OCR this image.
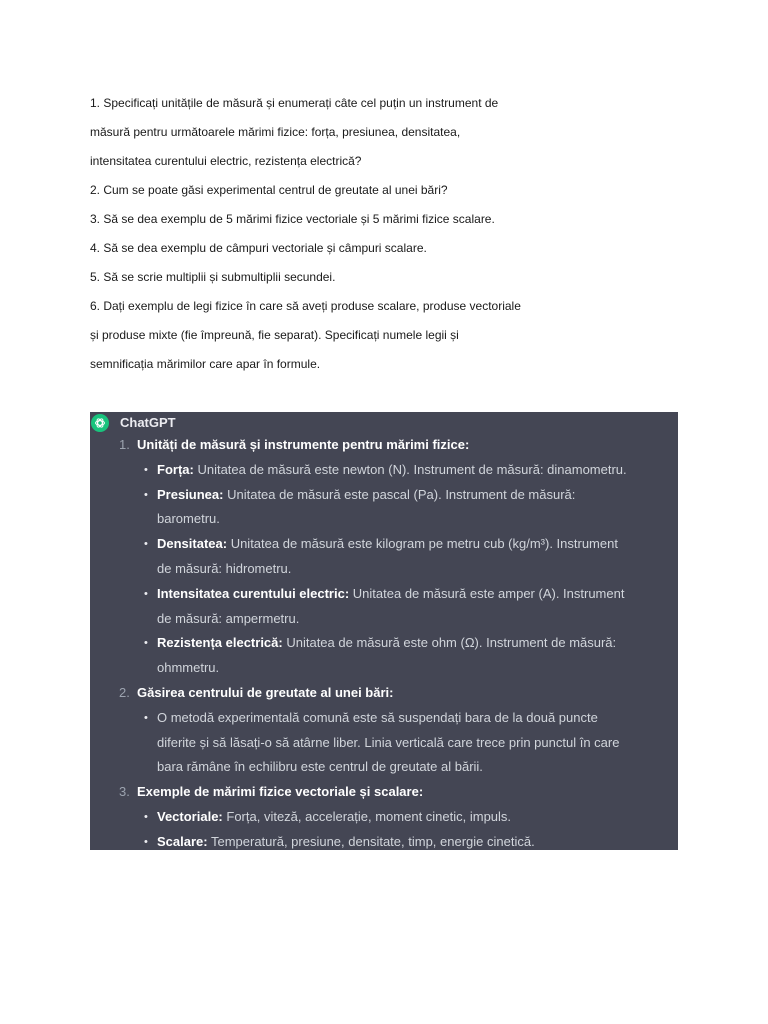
1. Specificați unitățile de măsură și enumerați câte cel puțin un instrument de
măsură pentru următoarele mărimi fizice: forța, presiunea, densitatea,
intensitatea curentului electric, rezistența electrică?
2. Cum se poate găsi experimental centrul de greutate al unei bări?
3. Să se dea exemplu de 5 mărimi fizice vectoriale și 5 mărimi fizice scalare.
4. Să se dea exemplu de câmpuri vectoriale și câmpuri scalare.
5. Să se scrie multiplii și submultiplii secundei.
6. Dați exemplu de legi fizice în care să aveți produse scalare, produse vectoriale
și produse mixte (fie împreună, fie separat). Specificați numele legii și
semnificația mărimilor care apar în formule.
ChatGPT
1. Unități de măsură și instrumente pentru mărimi fizice:
• Forța: Unitatea de măsură este newton (N). Instrument de măsură: dinamometru.
• Presiunea: Unitatea de măsură este pascal (Pa). Instrument de măsură:
barometru.
• Densitatea: Unitatea de măsură este kilogram pe metru cub (kg/m³). Instrument
de măsură: hidrometru.
• Intensitatea curentului electric: Unitatea de măsură este amper (A). Instrument
de măsură: ampermetru.
• Rezistența electrică: Unitatea de măsură este ohm (Ω). Instrument de măsură:
ohmmetru.
2. Găsirea centrului de greutate al unei bări:
• O metodă experimentală comună este să suspendați bara de la două puncte
diferite și să lăsați-o să atârne liber. Linia verticală care trece prin punctul în care
bara rămâne în echilibru este centrul de greutate al bării.
3. Exemple de mărimi fizice vectoriale și scalare:
• Vectoriale: Forța, viteză, accelerație, moment cinetic, impuls.
• Scalare: Temperatură, presiune, densitate, timp, energie cinetică.
